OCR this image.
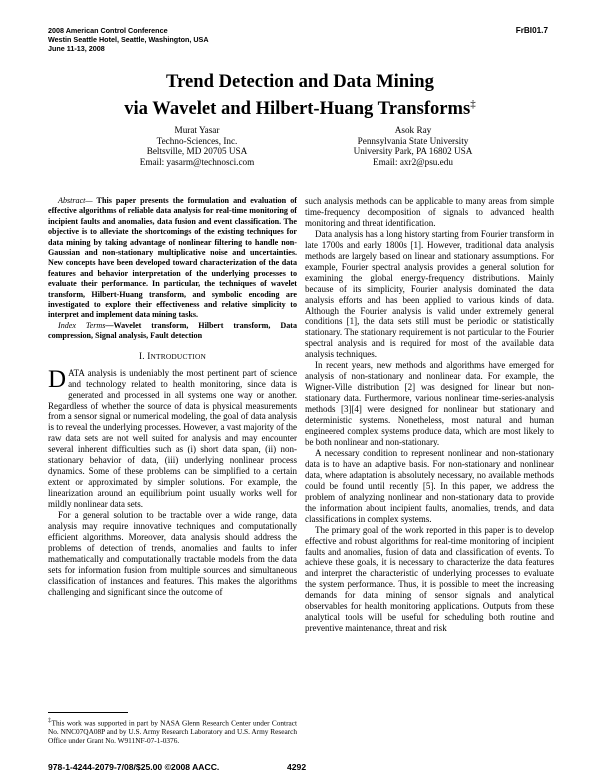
2008 American Control Conference
Westin Seattle Hotel, Seattle, Washington, USA
June 11-13, 2008
FrBI01.7
Trend Detection and Data Mining
via Wavelet and Hilbert-Huang Transforms‡
Murat Yasar
Techno-Sciences, Inc.
Beltsville, MD 20705 USA
Email: yasarm@technosci.com
Asok Ray
Pennsylvania State University
University Park, PA 16802 USA
Email: axr2@psu.edu

Abstract— This paper presents the formulation and evaluation of effective algorithms of reliable data analysis for real-time monitoring of incipient faults and anomalies, data fusion and event classification. The objective is to alleviate the shortcomings of the existing techniques for data mining by taking advantage of nonlinear filtering to handle non-Gaussian and non-stationary multiplicative noise and uncertainties. New concepts have been developed toward characterization of the data features and behavior interpretation of the underlying processes to evaluate their performance. In particular, the techniques of wavelet transform, Hilbert-Huang transform, and symbolic encoding are investigated to explore their effectiveness and relative simplicity to interpret and implement data mining tasks.

Index Terms—Wavelet transform, Hilbert transform, Data compression, Signal analysis, Fault detection

I. INTRODUCTION

DATA analysis is undeniably the most pertinent part of science and technology related to health monitoring, since data is generated and processed in all systems one way or another. Regardless of whether the source of data is physical measurements from a sensor signal or numerical modeling, the goal of data analysis is to reveal the underlying processes. However, a vast majority of the raw data sets are not well suited for analysis and may encounter several inherent difficulties such as (i) short data span, (ii) non-stationary behavior of data, (iii) underlying nonlinear process dynamics. Some of these problems can be simplified to a certain extent or approximated by simpler solutions. For example, the linearization around an equilibrium point usually works well for mildly nonlinear data sets.

For a general solution to be tractable over a wide range, data analysis may require innovative techniques and computationally efficient algorithms. Moreover, data analysis should address the problems of detection of trends, anomalies and faults to infer mathematically and computationally tractable models from the data sets for information fusion from multiple sources and simultaneous classification of instances and features. This makes the algorithms challenging and significant since the outcome of

‡This work was supported in part by NASA Glenn Research Center under Contract No. NNC07QA08P and by U.S. Army Research Laboratory and U.S. Army Research Office under Grant No. W911NF-07-1-0376.

such analysis methods can be applicable to many areas from simple time-frequency decomposition of signals to advanced health monitoring and threat identification.

Data analysis has a long history starting from Fourier transform in late 1700s and early 1800s [1]. However, traditional data analysis methods are largely based on linear and stationary assumptions. For example, Fourier spectral analysis provides a general solution for examining the global energy-frequency distributions. Mainly because of its simplicity, Fourier analysis dominated the data analysis efforts and has been applied to various kinds of data. Although the Fourier analysis is valid under extremely general conditions [1], the data sets still must be periodic or statistically stationary. The stationary requirement is not particular to the Fourier spectral analysis and is required for most of the available data analysis techniques.

In recent years, new methods and algorithms have emerged for analysis of non-stationary and nonlinear data. For example, the Wigner-Ville distribution [2] was designed for linear but non-stationary data. Furthermore, various nonlinear time-series-analysis methods [3][4] were designed for nonlinear but stationary and deterministic systems. Nonetheless, most natural and human engineered complex systems produce data, which are most likely to be both nonlinear and non-stationary.

A necessary condition to represent nonlinear and non-stationary data is to have an adaptive basis. For non-stationary and nonlinear data, where adaptation is absolutely necessary, no available methods could be found until recently [5]. In this paper, we address the problem of analyzing nonlinear and non-stationary data to provide the information about incipient faults, anomalies, trends, and data classifications in complex systems.

The primary goal of the work reported in this paper is to develop effective and robust algorithms for real-time monitoring of incipient faults and anomalies, fusion of data and classification of events. To achieve these goals, it is necessary to characterize the data features and interpret the characteristic of underlying processes to evaluate the system performance. Thus, it is possible to meet the increasing demands for data mining of sensor signals and analytical observables for health monitoring applications. Outputs from these analytical tools will be useful for scheduling both routine and preventive maintenance, threat and risk

978-1-4244-2079-7/08/$25.00 ©2008 AACC.	4292
